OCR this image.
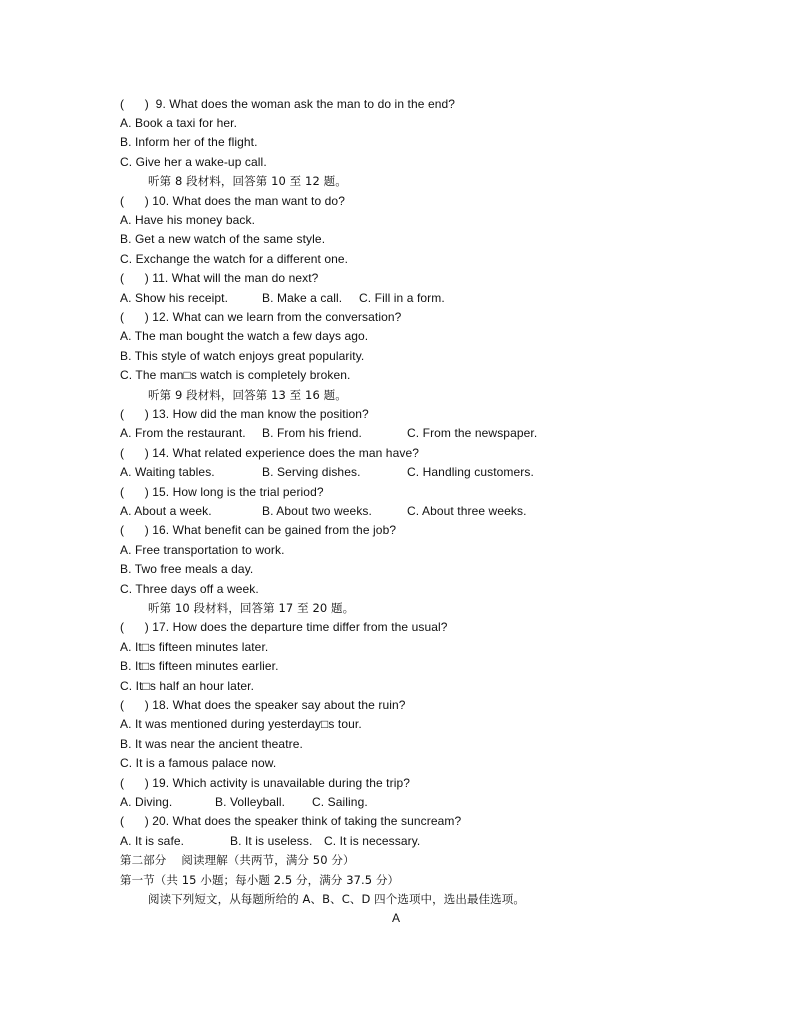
(      )  9. What does the woman ask the man to do in the end?
A. Book a taxi for her.
B. Inform her of the flight.
C. Give her a wake-up call.
听第 8 段材料，回答第 10 至 12 题。
(      ) 10. What does the man want to do?
A. Have his money back.
B. Get a new watch of the same style.
C. Exchange the watch for a different one.
(      ) 11. What will the man do next?
A. Show his receipt.	B. Make a call. C. Fill in a form.
(      ) 12. What can we learn from the conversation?
A. The man bought the watch a few days ago.
B. This style of watch enjoys great popularity.
C. The man□s watch is completely broken.
听第 9 段材料，回答第 13 至 16 题。
(      ) 13. How did the man know the position?
A. From the restaurant. B. From his friend.	C. From the newspaper.
(      ) 14. What related experience does the man have?
A. Waiting tables.	B. Serving dishes.	C. Handling customers.
(      ) 15. How long is the trial period?
A. About a week.	B. About two weeks.	C. About three weeks.
(      ) 16. What benefit can be gained from the job?
A. Free transportation to work.
B. Two free meals a day.
C. Three days off a week.
听第 10 段材料，回答第 17 至 20 题。
(      ) 17. How does the departure time differ from the usual?
A. It□s fifteen minutes later.
B. It□s fifteen minutes earlier.
C. It□s half an hour later.
(      ) 18. What does the speaker say about the ruin?
A. It was mentioned during yesterday□s tour.
B. It was near the ancient theatre.
C. It is a famous palace now.
(      ) 19. Which activity is unavailable during the trip?
A. Diving.	B. Volleyball. C. Sailing.
(      ) 20. What does the speaker think of taking the suncream?
A. It is safe.	B. It is useless. C. It is necessary.
第二部分    阅读理解（共两节，满分 50 分）
第一节（共 15 小题；每小题 2.5 分，满分 37.5 分）
阅读下列短文，从每题所给的 A、B、C、D 四个选项中，选出最佳选项。
A
